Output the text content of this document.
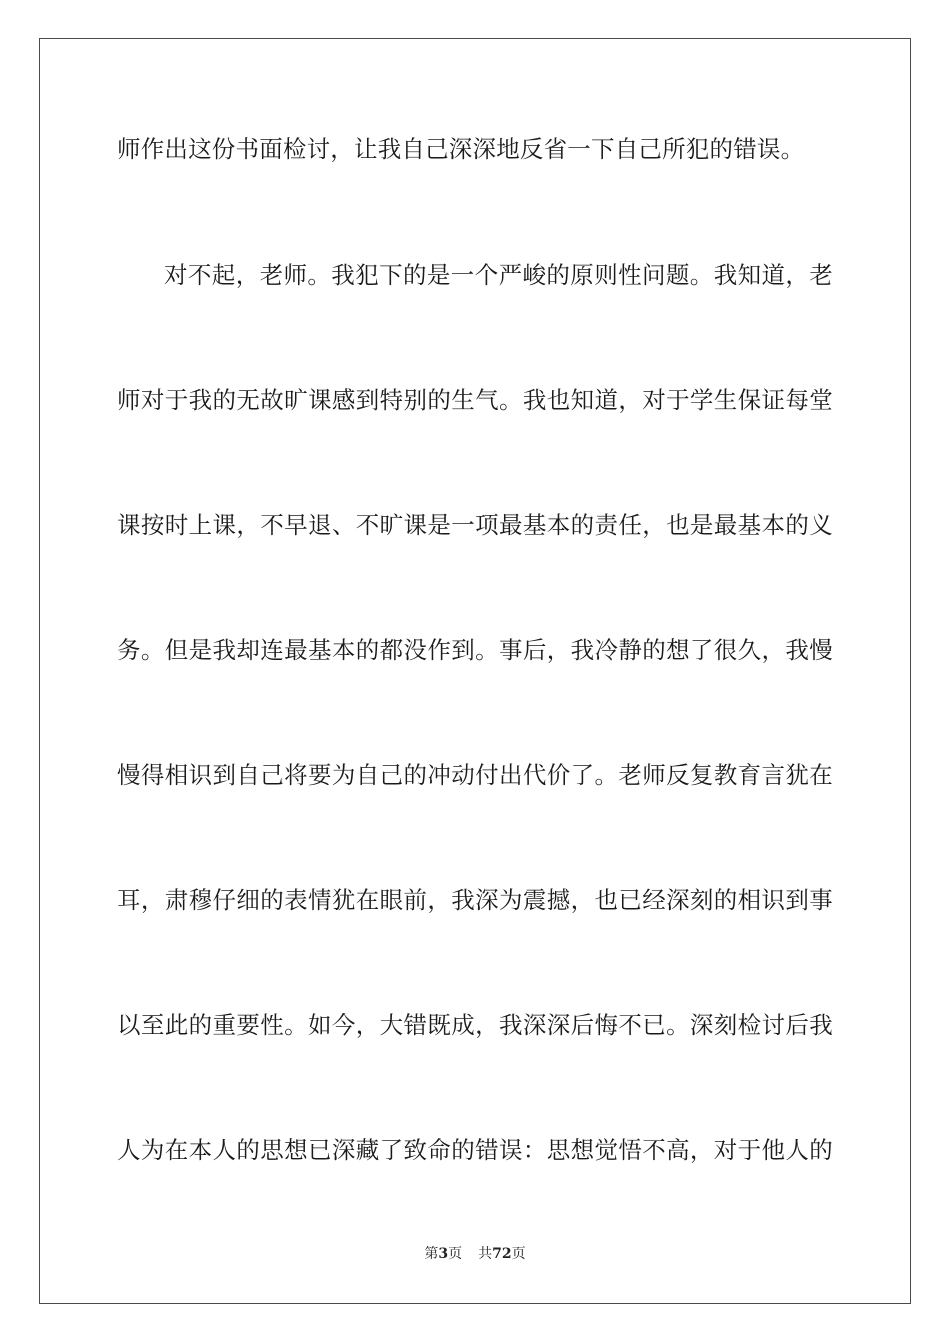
师作出这份书面检讨，让我自己深深地反省一下自己所犯的错误。
对不起，老师。我犯下的是一个严峻的原则性问题。我知道，老
师对于我的无故旷课感到特别的生气。我也知道，对于学生保证每堂
课按时上课，不早退、不旷课是一项最基本的责任，也是最基本的义
务。但是我却连最基本的都没作到。事后，我冷静的想了很久，我慢
慢得相识到自己将要为自己的冲动付出代价了。老师反复教育言犹在
耳，肃穆仔细的表情犹在眼前，我深为震撼，也已经深刻的相识到事
以至此的重要性。如今，大错既成，我深深后悔不已。深刻检讨后我
人为在本人的思想已深藏了致命的错误：思想觉悟不高，对于他人的
第3页 共72页
